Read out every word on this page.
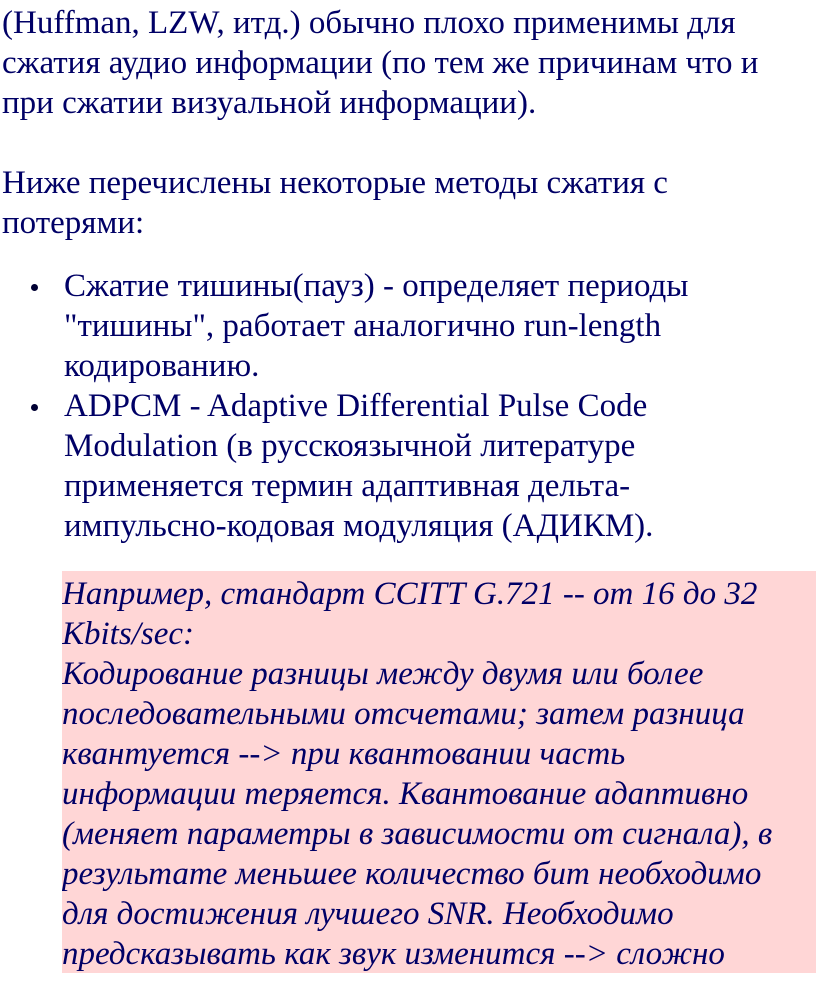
(Huffman, LZW, итд.) обычно плохо применимы для
сжатия аудио информации (по тем же причинам что и
при сжатии визуальной информации).

Ниже перечислены некоторые методы сжатия с
потерями:

Сжатие тишины(пауз) - определяет периоды
"тишины", работает аналогично run-length
кодированию.
ADPCM - Adaptive Differential Pulse Code
Modulation (в русскоязычной литературе
применяется термин адаптивная дельта-
импульсно-кодовая модуляция (АДИКМ).
Например, стандарт CCITT G.721 -- от 16 до 32
Kbits/sec:
Кодирование разницы между двумя или более
последовательными отсчетами; затем разница
квантуется --> при квантовании часть
информации теряется. Квантование адаптивно
(меняет параметры в зависимости от сигнала), в
результате меньшее количество бит необходимо
для достижения лучшего SNR. Необходимо
предсказывать как звук изменится --> сложно
